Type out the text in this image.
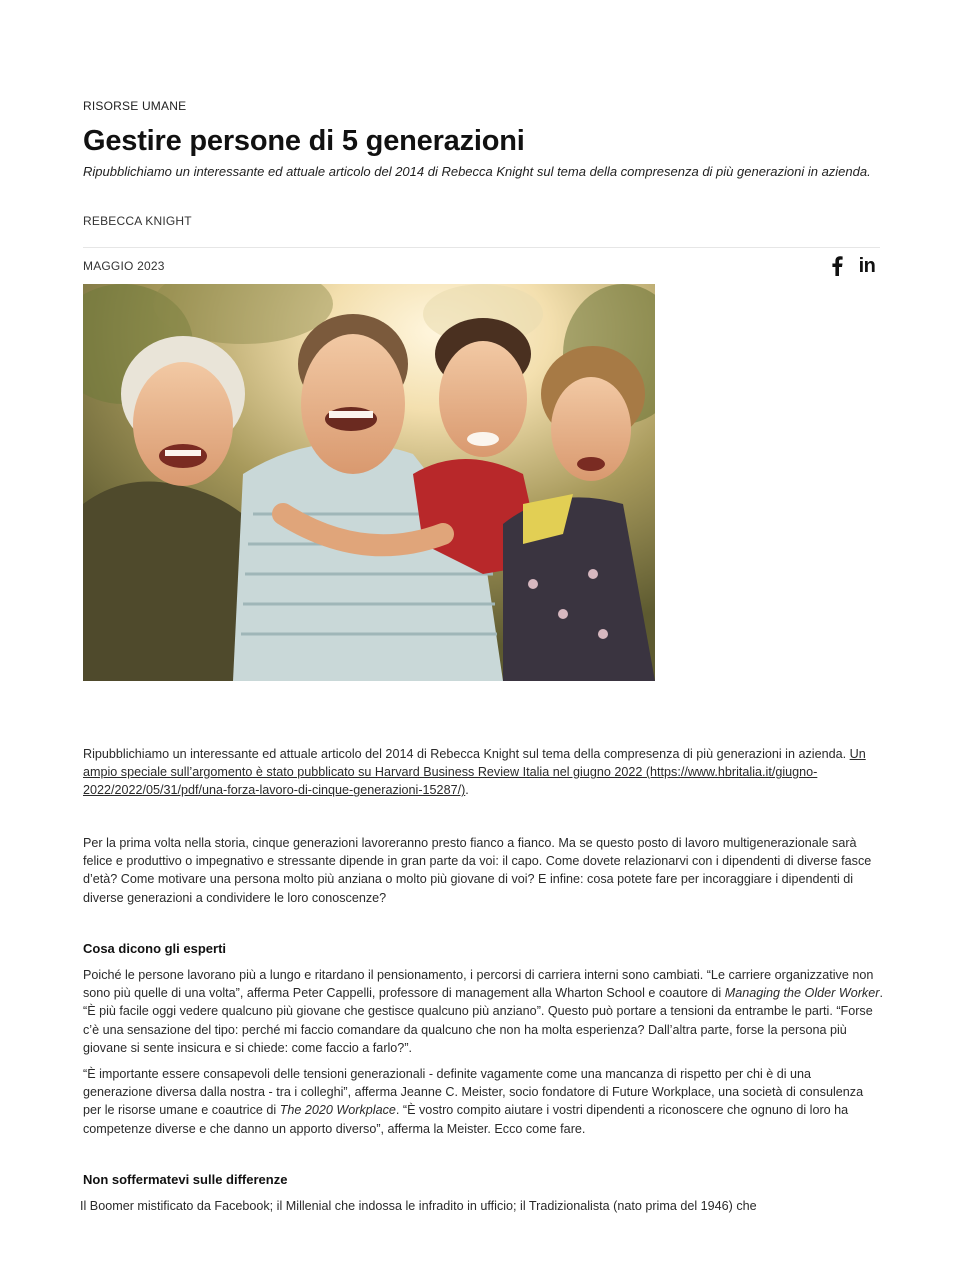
RISORSE UMANE
Gestire persone di 5 generazioni

Ripubblichiamo un interessante ed attuale articolo del 2014 di Rebecca Knight sul tema della compresenza di più generazioni in azienda.

REBECCA KNIGHT
MAGGIO 2023	in

Ripubblichiamo un interessante ed attuale articolo del 2014 di Rebecca Knight sul tema della compresenza di più generazioni in azienda. Un ampio speciale sull’argomento è stato pubblicato su Harvard Business Review Italia nel giugno 2022 (https://www.hbritalia.it/giugno-2022/2022/05/31/pdf/una-forza-lavoro-di-cinque-generazioni-15287/).

Per la prima volta nella storia, cinque generazioni lavoreranno presto fianco a fianco. Ma se questo posto di lavoro multigenerazionale sarà felice e produttivo o impegnativo e stressante dipende in gran parte da voi: il capo. Come dovete relazionarvi con i dipendenti di diverse fasce d’età? Come motivare una persona molto più anziana o molto più giovane di voi? E infine: cosa potete fare per incoraggiare i dipendenti di diverse generazioni a condividere le loro conoscenze?

Cosa dicono gli esperti

Poiché le persone lavorano più a lungo e ritardano il pensionamento, i percorsi di carriera interni sono cambiati. “Le carriere organizzative non sono più quelle di una volta”, afferma Peter Cappelli, professore di management alla Wharton School e coautore di Managing the Older Worker. “È più facile oggi vedere qualcuno più giovane che gestisce qualcuno più anziano”. Questo può portare a tensioni da entrambe le parti. “Forse c’è una sensazione del tipo: perché mi faccio comandare da qualcuno che non ha molta esperienza? Dall’altra parte, forse la persona più giovane si sente insicura e si chiede: come faccio a farlo?”.

“È importante essere consapevoli delle tensioni generazionali - definite vagamente come una mancanza di rispetto per chi è di una generazione diversa dalla nostra - tra i colleghi”, afferma Jeanne C. Meister, socio fondatore di Future Workplace, una società di consulenza per le risorse umane e coautrice di The 2020 Workplace. “È vostro compito aiutare i vostri dipendenti a riconoscere che ognuno di loro ha competenze diverse e che danno un apporto diverso”, afferma la Meister. Ecco come fare.

Non soffermatevi sulle differenze

Il Boomer mistificato da Facebook; il Millenial che indossa le infradito in ufficio; il Tradizionalista (nato prima del 1946) che
